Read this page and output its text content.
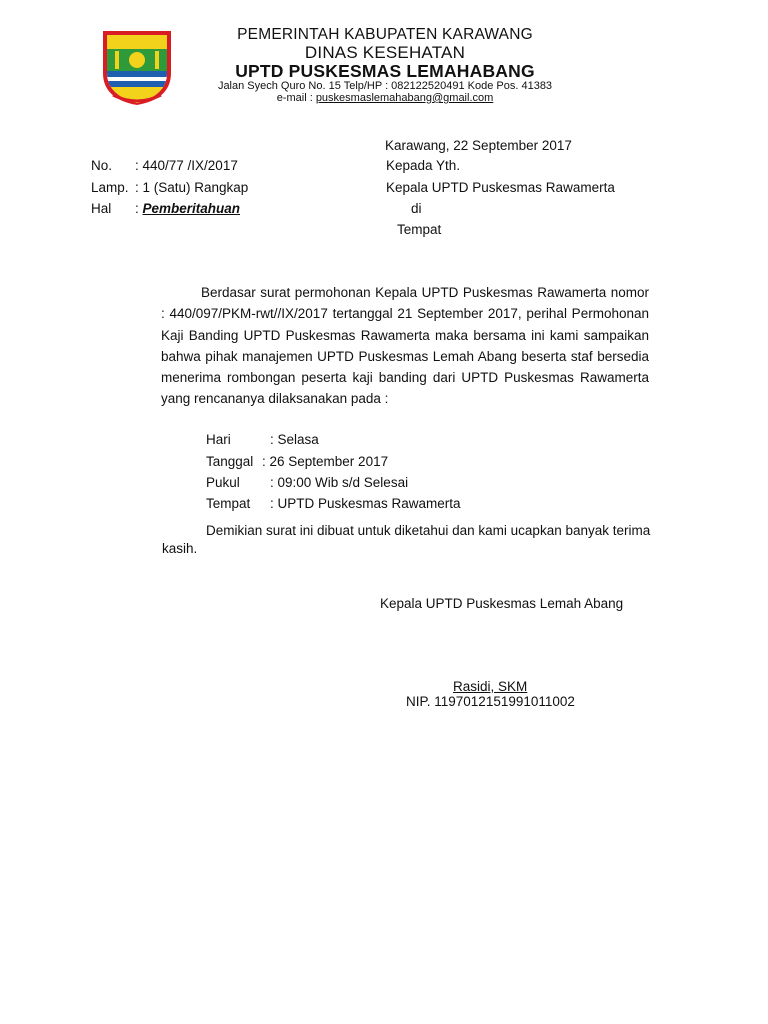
PEMERINTAH KABUPATEN KARAWANG
DINAS KESEHATAN
UPTD PUSKESMAS LEMAHABANG
Jalan Syech Quro No. 15 Telp/HP : 082122520491 Kode Pos. 41383
e-mail : puskesmaslemahabang@gmail.com
Karawang, 22 September 2017
No. : 440/77 /IX/2017
Lamp. : 1 (Satu) Rangkap
Hal : Pemberitahuan
Kepada Yth.
Kepala UPTD Puskesmas Rawamerta
di
Tempat
Berdasar surat permohonan Kepala UPTD Puskesmas Rawamerta nomor : 440/097/PKM-rwt//IX/2017 tertanggal 21 September 2017, perihal Permohonan Kaji Banding UPTD Puskesmas Rawamerta maka bersama ini kami sampaikan bahwa pihak manajemen UPTD Puskesmas Lemah Abang beserta staf bersedia menerima rombongan peserta kaji banding dari UPTD Puskesmas Rawamerta yang rencananya dilaksanakan pada :
Hari	: Selasa
Tanggal : 26 September 2017
Pukul : 09:00 Wib s/d Selesai
Tempat : UPTD Puskesmas Rawamerta
Demikian surat ini dibuat untuk diketahui dan kami ucapkan banyak terima kasih.
Kepala UPTD Puskesmas Lemah Abang
Rasidi, SKM
NIP. 1197012151991011002
